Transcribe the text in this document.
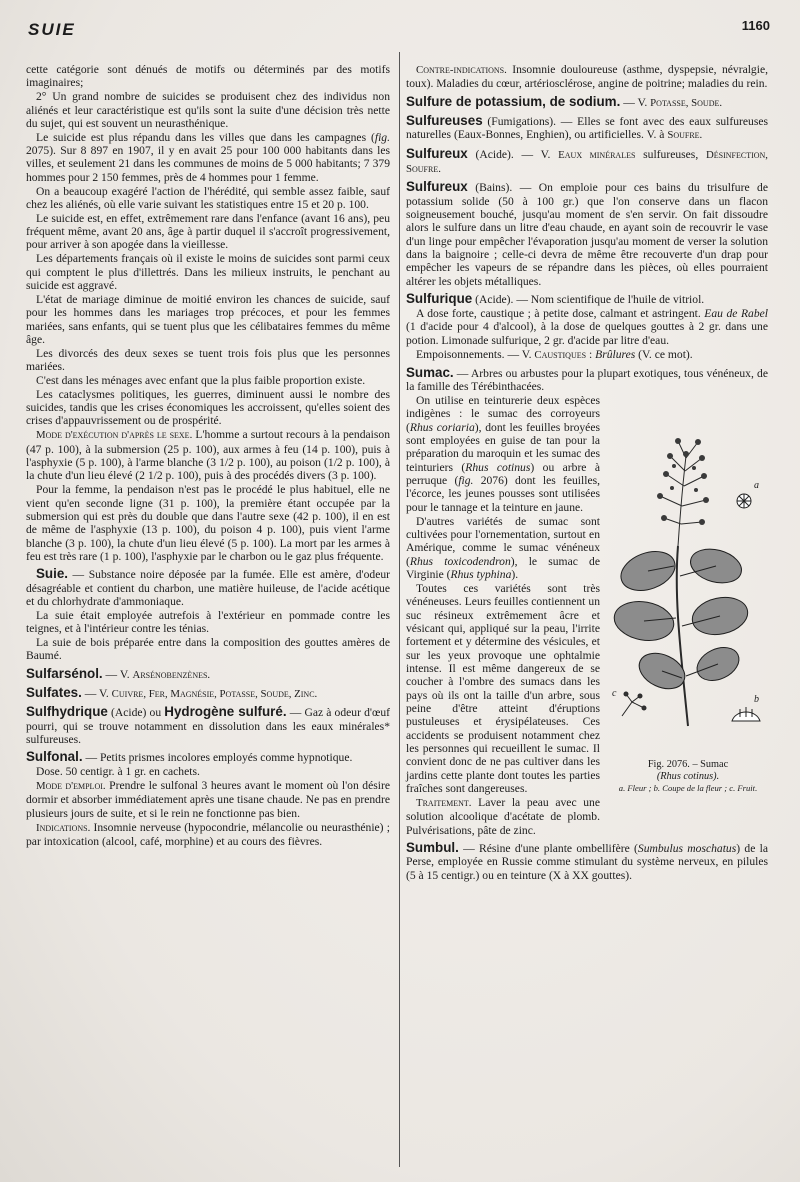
SUIE	1160

cette catégorie sont dénués de motifs ou déterminés par des motifs imaginaires;

2° Un grand nombre de suicides se produisent chez des individus non aliénés et leur caractéristique est qu'ils sont la suite d'une décision très nette du sujet, qui est souvent un neurasthénique.

Le suicide est plus répandu dans les villes que dans les campagnes (fig. 2075). Sur 8 897 en 1907, il y en avait 25 pour 100 000 habitants dans les villes, et seulement 21 dans les communes de moins de 5 000 habitants; 7 379 hommes pour 2 150 femmes, près de 4 hommes pour 1 femme.

On a beaucoup exagéré l'action de l'hérédité, qui semble assez faible, sauf chez les aliénés, où elle varie suivant les statistiques entre 15 et 20 p. 100.

Le suicide est, en effet, extrêmement rare dans l'enfance (avant 16 ans), peu fréquent même, avant 20 ans, âge à partir duquel il s'accroît progressivement, pour arriver à son apogée dans la vieillesse.

Les départements français où il existe le moins de suicides sont parmi ceux qui comptent le plus d'illettrés. Dans les milieux instruits, le penchant au suicide est aggravé.

L'état de mariage diminue de moitié environ les chances de suicide, sauf pour les hommes dans les mariages trop précoces, et pour les femmes mariées, sans enfants, qui se tuent plus que les célibataires femmes du même âge.

Les divorcés des deux sexes se tuent trois fois plus que les personnes mariées.

C'est dans les ménages avec enfant que la plus faible proportion existe.

Les cataclysmes politiques, les guerres, diminuent aussi le nombre des suicides, tandis que les crises économiques les accroissent, qu'elles soient des crises d'appauvrissement ou de prospérité.

Mode d'exécution d'après le sexe. L'homme a surtout recours à la pendaison (47 p. 100), à la submersion (25 p. 100), aux armes à feu (14 p. 100), puis à l'asphyxie (5 p. 100), à l'arme blanche (3 1/2 p. 100), au poison (1/2 p. 100), à la chute d'un lieu élevé (2 1/2 p. 100), puis à des procédés divers (3 p. 100).

Pour la femme, la pendaison n'est pas le procédé le plus habituel, elle ne vient qu'en seconde ligne (31 p. 100), la première étant occupée par la submersion qui est près du double que dans l'autre sexe (42 p. 100), il en est de même de l'asphyxie (13 p. 100), du poison 4 p. 100), puis vient l'arme blanche (3 p. 100), la chute d'un lieu élevé (5 p. 100). La mort par les armes à feu est très rare (1 p. 100), l'asphyxie par le charbon ou le gaz plus fréquente.

Suie. — Substance noire déposée par la fumée. Elle est amère, d'odeur désagréable et contient du charbon, une matière huileuse, de l'acide acétique et du chlorhydrate d'ammoniaque.

La suie était employée autrefois à l'extérieur en pommade contre les teignes, et à l'intérieur contre les ténias.

La suie de bois préparée entre dans la composition des gouttes amères de Baumé.

Sulfarsénol. — V. Arsénobenzènes.

Sulfates. — V. Cuivre, Fer, Magnésie, Potasse, Soude, Zinc.

Sulfhydrique (Acide) ou Hydrogène sulfuré. — Gaz à odeur d'œuf pourri, qui se trouve notamment en dissolution dans les eaux minérales* sulfureuses.

Sulfonal. — Petits prismes incolores employés comme hypnotique.

Dose. 50 centigr. à 1 gr. en cachets.

Mode d'emploi. Prendre le sulfonal 3 heures avant le moment où l'on désire dormir et absorber immédiatement après une tisane chaude. Ne pas en prendre plusieurs jours de suite, et si le rein ne fonctionne pas bien.

Indications. Insomnie nerveuse (hypocondrie, mélancolie ou neurasthénie) ; par intoxication (alcool, café, morphine) et au cours des fièvres.

Contre-indications. Insomnie douloureuse (asthme, dyspepsie, névralgie, toux). Maladies du cœur, artériosclérose, angine de poitrine; maladies du rein.

Sulfure de potassium, de sodium. — V. Potasse, Soude.

Sulfureuses (Fumigations). — Elles se font avec des eaux sulfureuses naturelles (Eaux-Bonnes, Enghien), ou artificielles. V. à Soufre.

Sulfureux (Acide). — V. Eaux minérales sulfureuses, Désinfection, Soufre.

Sulfureux (Bains). — On emploie pour ces bains du trisulfure de potassium solide (50 à 100 gr.) que l'on conserve dans un flacon soigneusement bouché, jusqu'au moment de s'en servir. On fait dissoudre alors le sulfure dans un litre d'eau chaude, en ayant soin de recouvrir le vase d'un linge pour empêcher l'évaporation jusqu'au moment de verser la solution dans la baignoire ; celle-ci devra de même être recouverte d'un drap pour empêcher les vapeurs de se répandre dans les pièces, où elles pourraient altérer les objets métalliques.

Sulfurique (Acide). — Nom scientifique de l'huile de vitriol.

A dose forte, caustique ; à petite dose, calmant et astringent. Eau de Rabel (1 d'acide pour 4 d'alcool), à la dose de quelques gouttes à 2 gr. dans une potion. Limonade sulfurique, 2 gr. d'acide par litre d'eau.

Empoisonnements. — V. Caustiques : Brûlures (V. ce mot).

Sumac. — Arbres ou arbustes pour la plupart exotiques, tous vénéneux, de la famille des Térébinthacées.

a
c
b
Fig. 2076. – Sumac
(Rhus cotinus).
a. Fleur ; b. Coupe de la fleur ; c. Fruit.

On utilise en teinturerie deux espèces indigènes : le sumac des corroyeurs (Rhus coriaria), dont les feuilles broyées sont employées en guise de tan pour la préparation du maroquin et les sumac des teinturiers (Rhus cotinus) ou arbre à perruque (fig. 2076) dont les feuilles, l'écorce, les jeunes pousses sont utilisées pour le tannage et la teinture en jaune.

D'autres variétés de sumac sont cultivées pour l'ornementation, surtout en Amérique, comme le sumac vénéneux (Rhus toxicodendron), le sumac de Virginie (Rhus typhina).

Toutes ces variétés sont très vénéneuses. Leurs feuilles contiennent un suc résineux extrêmement âcre et vésicant qui, appliqué sur la peau, l'irrite fortement et y détermine des vésicules, et sur les yeux provoque une ophtalmie intense. Il est même dangereux de se coucher à l'ombre des sumacs dans les pays où ils ont la taille d'un arbre, sous peine d'être atteint d'éruptions pustuleuses et érysipélateuses. Ces accidents se produisent notamment chez les personnes qui recueillent le sumac. Il convient donc de ne pas cultiver dans les jardins cette plante dont toutes les parties fraîches sont dangereuses.

Traitement. Laver la peau avec une solution alcoolique d'acétate de plomb. Pulvérisations, pâte de zinc.

Sumbul. — Résine d'une plante ombellifère (Sumbulus moschatus) de la Perse, employée en Russie comme stimulant du système nerveux, en pilules (5 à 15 centigr.) ou en teinture (X à XX gouttes).
